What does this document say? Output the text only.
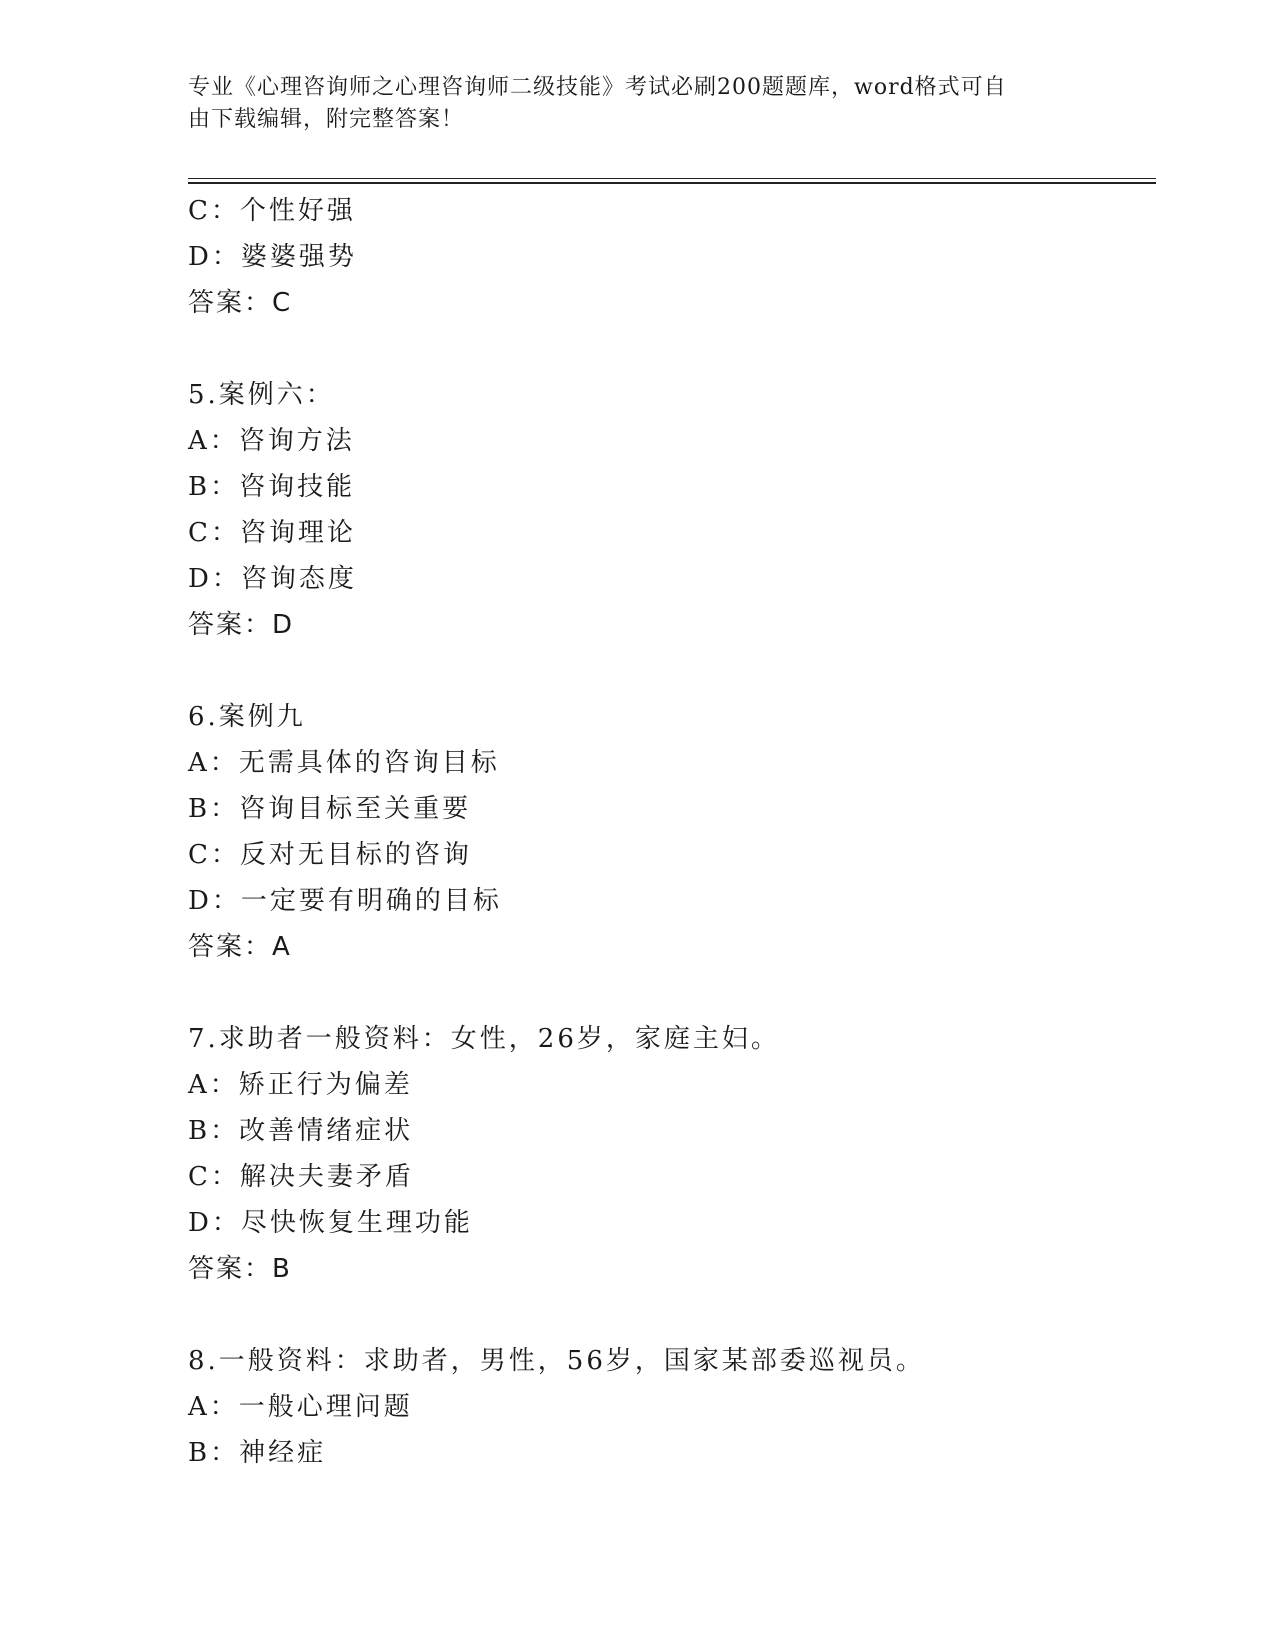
专业《心理咨询师之心理咨询师二级技能》考试必刷200题题库，word格式可自

由下载编辑，附完整答案！

C：个性好强
D：婆婆强势
答案：C
5.案例六：
A：咨询方法
B：咨询技能
C：咨询理论
D：咨询态度
答案：D
6.案例九
A：无需具体的咨询目标
B：咨询目标至关重要
C：反对无目标的咨询
D：一定要有明确的目标
答案：A
7.求助者一般资料：女性，26岁，家庭主妇。
A：矫正行为偏差
B：改善情绪症状
C：解决夫妻矛盾
D：尽快恢复生理功能
答案：B
8.一般资料：求助者，男性，56岁，国家某部委巡视员。
A：一般心理问题
B：神经症
